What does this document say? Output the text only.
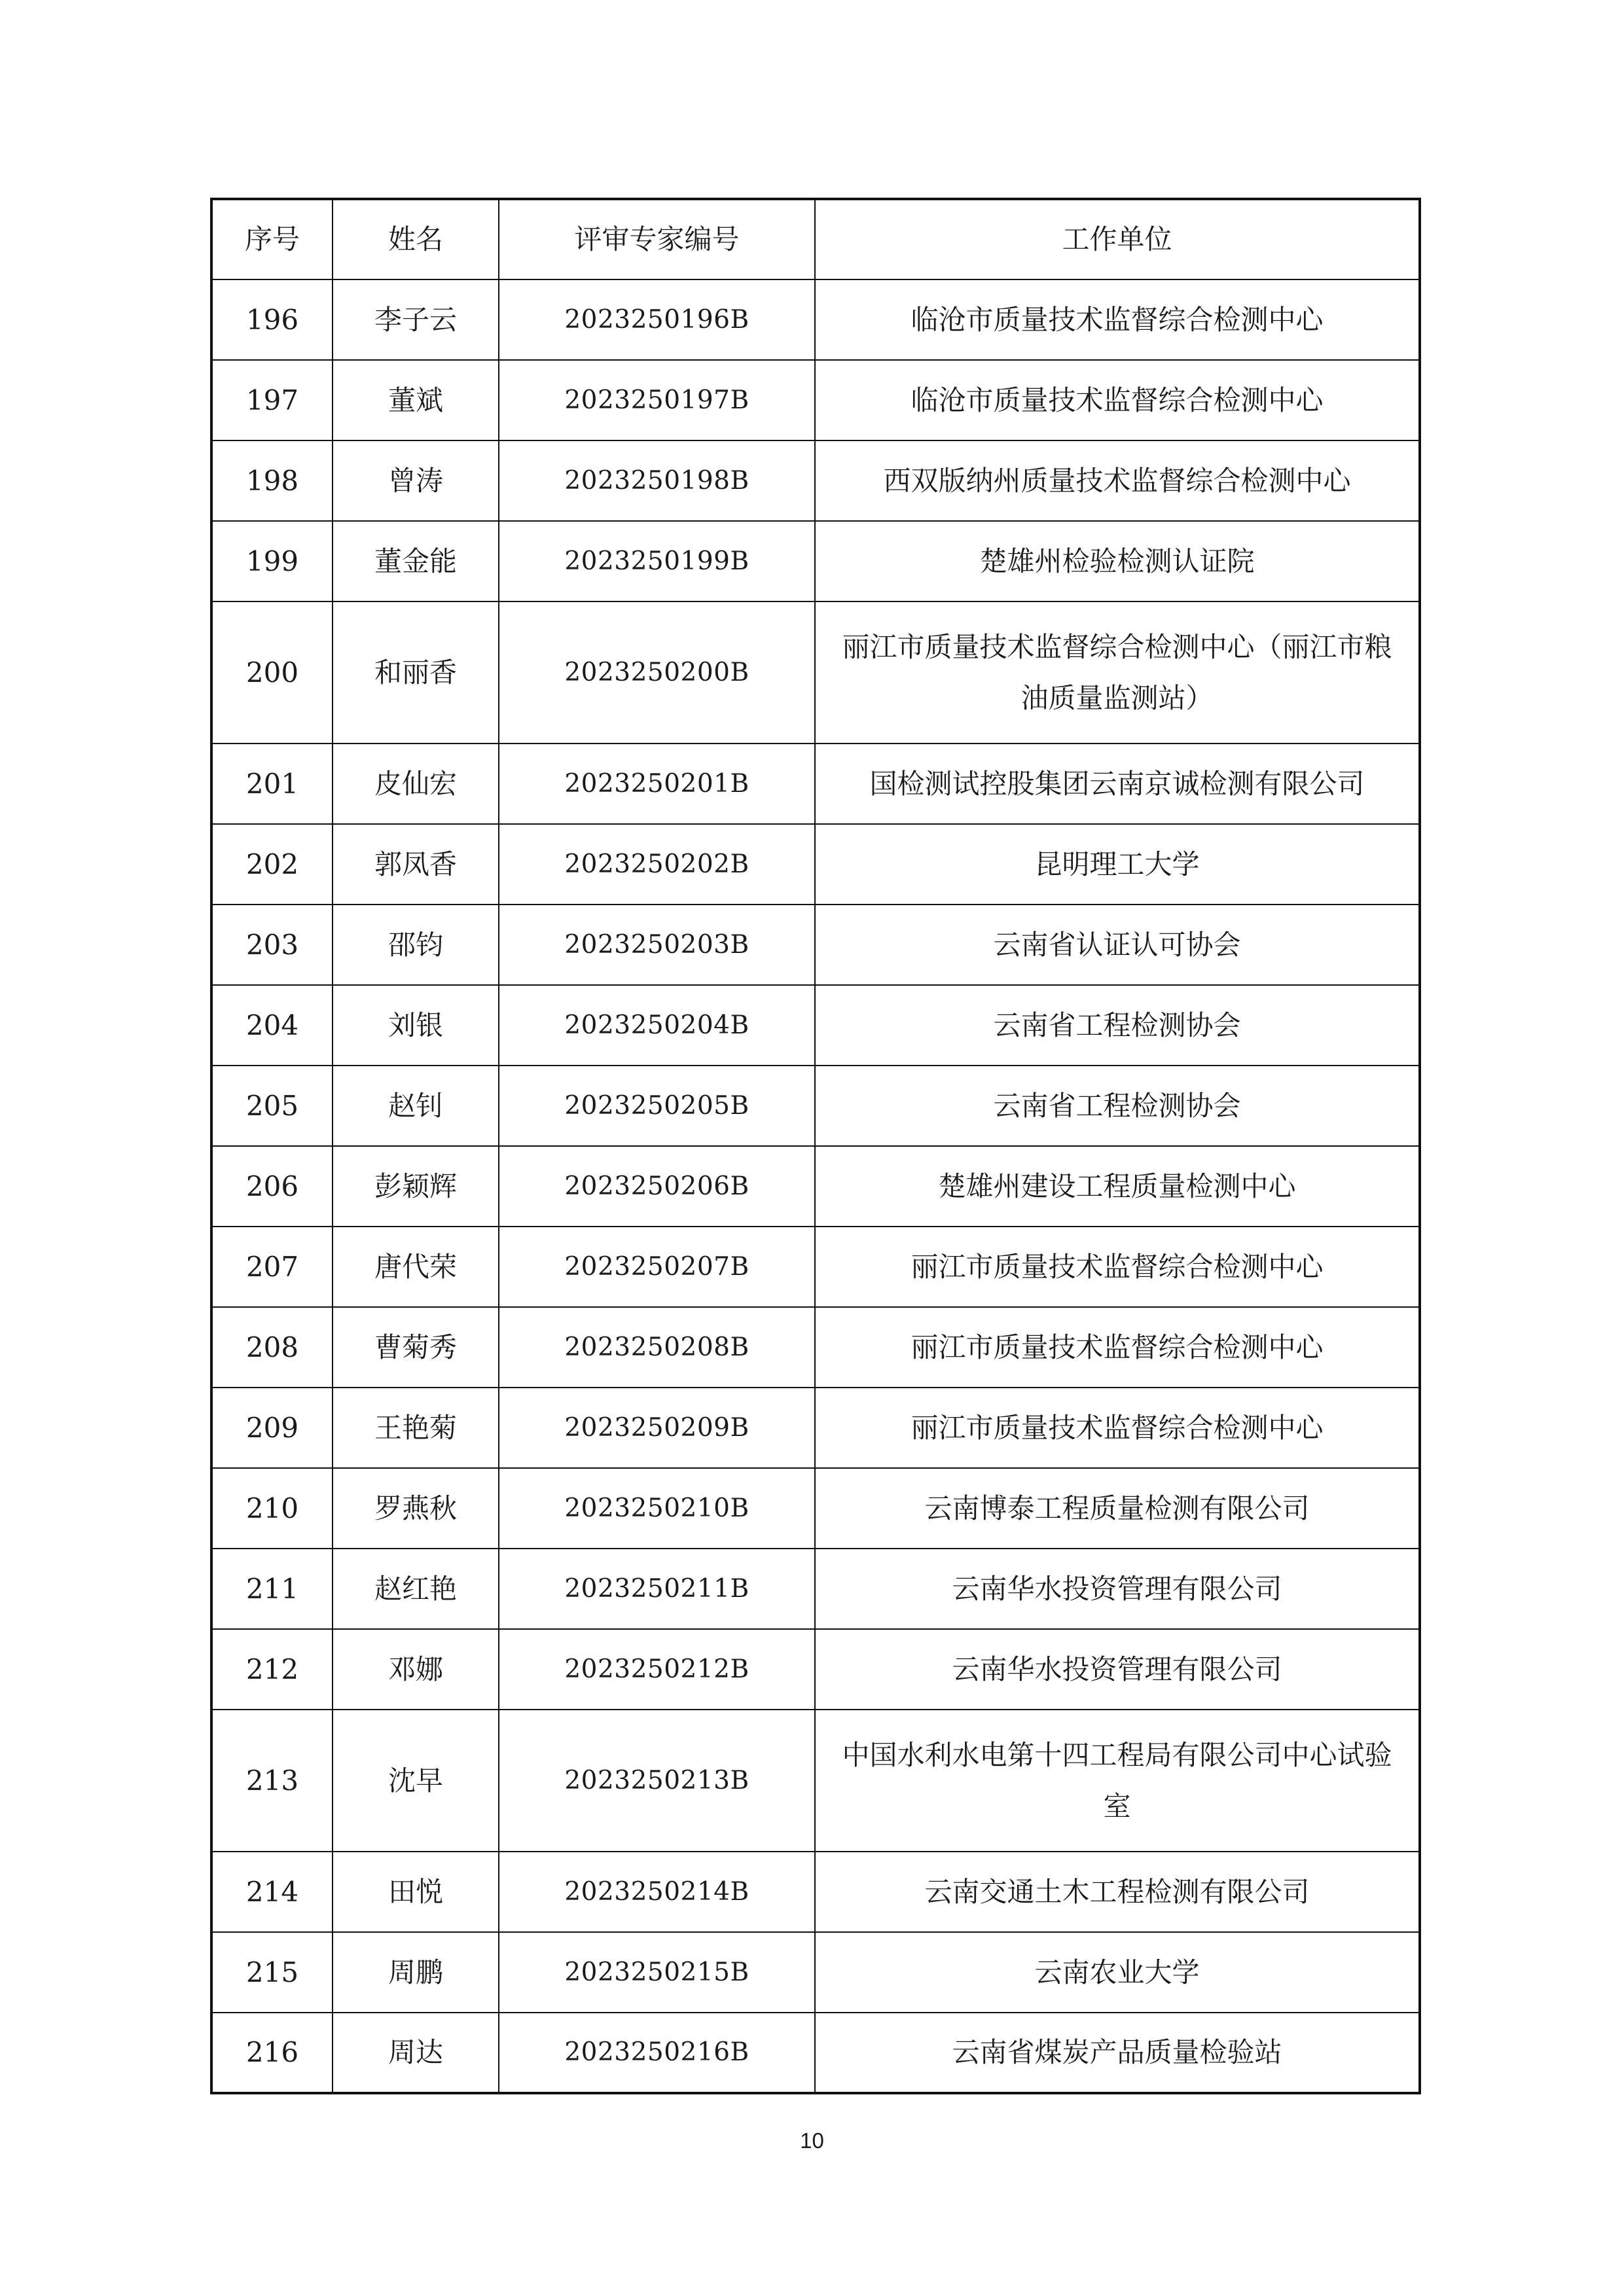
序号	姓名	评审专家编号	工作单位
196	李子云	2023250196B	临沧市质量技术监督综合检测中心
197	董斌	2023250197B	临沧市质量技术监督综合检测中心
198	曾涛	2023250198B	西双版纳州质量技术监督综合检测中心
199	董金能	2023250199B	楚雄州检验检测认证院
200	和丽香	2023250200B	丽江市质量技术监督综合检测中心（丽江市粮油质量监测站）
201	皮仙宏	2023250201B	国检测试控股集团云南京诚检测有限公司
202	郭凤香	2023250202B	昆明理工大学
203	邵钧	2023250203B	云南省认证认可协会
204	刘银	2023250204B	云南省工程检测协会
205	赵钊	2023250205B	云南省工程检测协会
206	彭颖辉	2023250206B	楚雄州建设工程质量检测中心
207	唐代荣	2023250207B	丽江市质量技术监督综合检测中心
208	曹菊秀	2023250208B	丽江市质量技术监督综合检测中心
209	王艳菊	2023250209B	丽江市质量技术监督综合检测中心
210	罗燕秋	2023250210B	云南博泰工程质量检测有限公司
211	赵红艳	2023250211B	云南华水投资管理有限公司
212	邓娜	2023250212B	云南华水投资管理有限公司
213	沈早	2023250213B	中国水利水电第十四工程局有限公司中心试验室
214	田悦	2023250214B	云南交通土木工程检测有限公司
215	周鹏	2023250215B	云南农业大学
216	周达	2023250216B	云南省煤炭产品质量检验站
10
